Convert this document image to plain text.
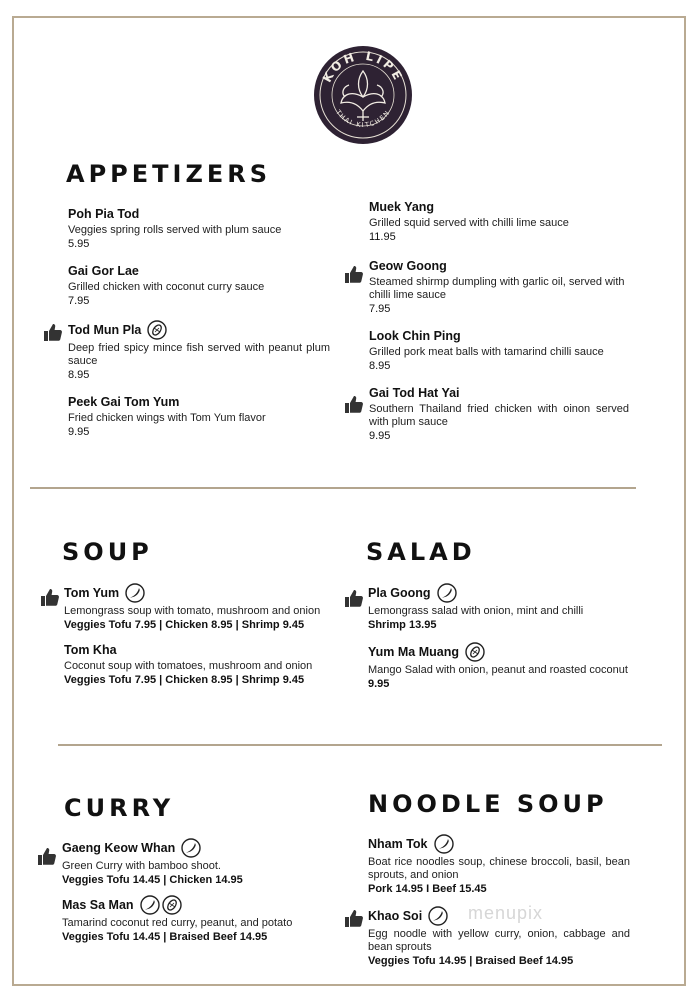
KOH LIPE
THAI KITCHEN
APPETIZERS
Poh Pia Tod
Veggies spring rolls served with plum sauce
5.95
Gai Gor Lae
Grilled chicken with coconut curry sauce
7.95
Tod Mun Pla
Deep fried spicy mince fish served with peanut plum sauce
8.95
Peek Gai Tom Yum
Fried chicken wings with Tom Yum flavor
9.95
Muek Yang
Grilled squid served with chilli lime sauce
11.95
Geow Goong
Steamed shirmp dumpling with garlic oil, served with chilli lime sauce
7.95
Look Chin Ping
Grilled pork meat balls with tamarind chilli sauce
8.95
Gai Tod Hat Yai
Southern Thailand fried chicken with oinon served with plum sauce
9.95
SOUP
Tom Yum
Lemongrass soup with tomato, mushroom and onion
Veggies Tofu 7.95 | Chicken 8.95 | Shrimp 9.45
Tom Kha
Coconut soup with tomatoes, mushroom and onion
Veggies Tofu 7.95 | Chicken 8.95 | Shrimp 9.45
SALAD
Pla Goong
Lemongrass salad with onion, mint and chilli
Shrimp 13.95
Yum Ma Muang
Mango Salad with onion, peanut and roasted coconut
9.95
CURRY
Gaeng Keow Whan
Green Curry with bamboo shoot.
Veggies Tofu 14.45 | Chicken 14.95
Mas Sa Man
Tamarind coconut red curry, peanut, and potato
Veggies Tofu 14.45 | Braised Beef 14.95
NOODLE SOUP
Nham Tok
Boat rice noodles soup, chinese broccoli, basil, bean sprouts, and onion
Pork 14.95 I Beef 15.45
Khao Soi
Egg noodle with yellow curry, onion, cabbage and bean sprouts
Veggies Tofu 14.95 | Braised Beef 14.95
menupix
